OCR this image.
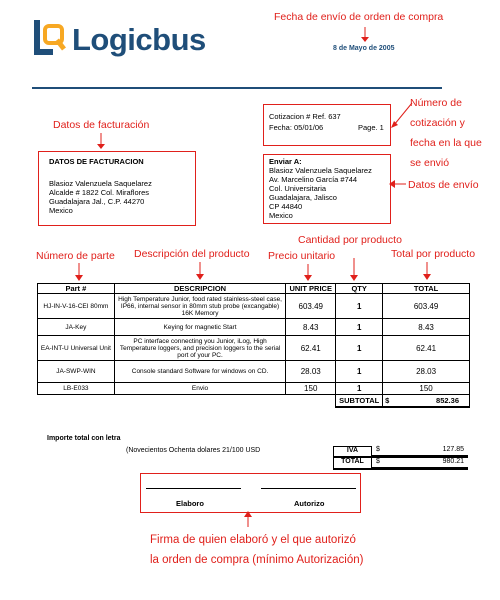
Logicbus
Fecha de envío de orden de compra
8 de Mayo de 2005
Cotizacion # Ref. 637
Fecha: 05/01/06	Page. 1
Número de
cotización y
fecha en la que
se envió
Datos de facturación
DATOS DE FACTURACION
Blasioz Valenzuela Saquelarez
Alcalde # 1822 Col. Miraflores
Guadalajara Jal., C.P. 44270
Mexico
Enviar A:
Blasioz Valenzuela Saquelarez
Av. Marcelino García #744
Col. Universitaria
Guadalajara, Jalisco
CP 44840
Mexico
Datos de envío
Cantidad por producto
Número de parte Descripción del producto Precio unitario	Total por producto
Part #	DESCRIPCION	UNIT PRICE	QTY	TOTAL
HJ-IN-V-16-CEI 80mm	High Temperature Junior, food rated stainless-steel case, IP66, internal sensor in 80mm stub probe (excangable) 16K Memory	603.49	1	603.49
JA-Key	Keying for magnetic Start	8.43	1	8.43
EA-INT-U Universal Unit	PC interface connecting you Junior, iLog, High Temperature loggers, and precision loggers to the serial port of your PC.	62.41	1	62.41
JA-SWP-WIN	Console standard Software for windows on CD.	28.03	1	28.03
LB-E033	Envio	150	1	150
			SUBTOTAL	$ 852.36
Importe total con letra
(Novecientos Ochenta dolares 21/100 USD	IVA	$	127.85
TOTAL	$	980.21
Elaboro	Autorizo
Firma de quien elaboró y el que autorizó
la orden de compra (mínimo Autorización)
